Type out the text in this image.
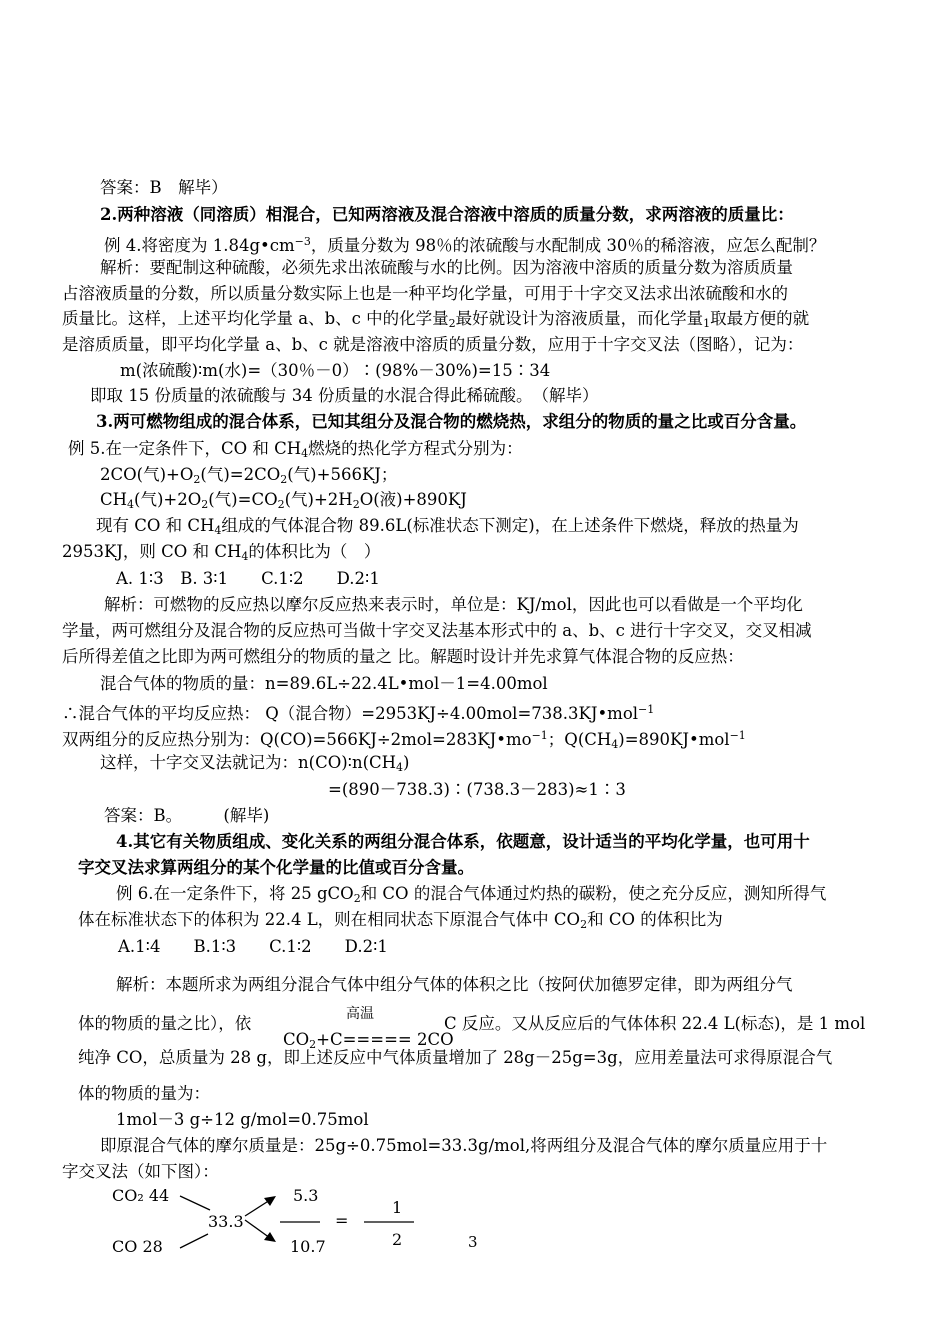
答案：B　解毕）
2.两种溶液（同溶质）相混合，已知两溶液及混合溶液中溶质的质量分数，求两溶液的质量比：
例 4.将密度为 $1.84g•cm^{-3}$，质量分数为 98％的浓硫酸与水配制成 30％的稀溶液，应怎么配制？
解析：要配制这种硫酸，必须先求出浓硫酸与水的比例。因为溶液中溶质的质量分数为溶质质量
占溶液质量的分数，所以质量分数实际上也是一种平均化学量，可用于十字交叉法求出浓硫酸和水的
质量比。这样，上述平均化学量 a、b、c 中的化学量$_2$最好就设计为溶液质量，而化学量$_1$取最方便的就
是溶质质量，即平均化学量 a、b、c 就是溶液中溶质的质量分数，应用于十字交叉法（图略），记为：
m(浓硫酸)∶m(水)=（30％－0）∶(98%－30%)=15∶34
即取 15 份质量的浓硫酸与 34 份质量的水混合得此稀硫酸。　（解毕）
3.两可燃物组成的混合体系，已知其组分及混合物的燃烧热，求组分的物质的量之比或百分含量。
例 5.在一定条件下，CO 和 $CH_4$燃烧的热化学方程式分别为：
2CO(气)$+O_2$(气)$=2CO_2$(气)+566KJ；
$CH_4$(气)$+2O_2$(气)$=CO_2$(气)$+2H_2O$(液)+890KJ
现有 CO 和 $CH_4$组成的气体混合物 89.6L(标准状态下测定)，在上述条件下燃烧，释放的热量为
2953KJ，则 CO 和 $CH_4$的体积比为（　）
A. 1∶3　B. 3∶1　　C.1∶2　　D.2∶1
解析：可燃物的反应热以摩尔反应热来表示时，单位是：KJ/mol，因此也可以看做是一个平均化
学量，两可燃组分及混合物的反应热可当做十字交叉法基本形式中的 a、b、c 进行十字交叉，交叉相减
后所得差值之比即为两可燃组分的物质的量之 比。解题时设计并先求算气体混合物的反应热：
混合气体的物质的量：n=89.6L÷22.4L•mol－1=4.00mol
∴混合气体的平均反应热： Q（混合物）=2953KJ÷4.00mol=738.3KJ•mol$^{-1}$
双两组分的反应热分别为：$Q(CO)=566KJ\div 2mol=283KJ•mo^{-1}$；$Q(CH_4)=890KJ•mol^{-1}$
这样，十字交叉法就记为：$n(CO)∶n(CH_4)$
=(890－738.3)∶(738.3－283)≈1∶3
答案：B。　　　(解毕)
4.其它有关物质组成、变化关系的两组分混合体系，依题意，设计适当的平均化学量，也可用十
字交叉法求算两组分的某个化学量的比值或百分含量。
例 6.在一定条件下，将 25 gCO$_2$和 CO 的混合气体通过灼热的碳粉，使之充分反应，测知所得气
体在标准状态下的体积为 22.4 L，则在相同状态下原混合气体中 $CO_2$和 CO 的体积比为
A.1∶4　　B.1∶3　　C.1∶2　　D.2∶1
解析：本题所求为两组分混合气体中组分气体的体积之比（按阿伏加德罗定律，即为两组分气
高温
体的物质的量之比），依
$CO_2+C===== 2CO$
C 反应。又从反应后的气体体积 22.4 L(标态)，是 1 mol
纯净 CO，总质量为 28 g，即上述反应中气体质量增加了 28g－25g=3g，应用差量法可求得原混合气
体的物质的量为：
1mol－3 g÷12 g/mol=0.75mol
即原混合气体的摩尔质量是：25g÷0.75mol=33.3g/mol,将两组分及混合气体的摩尔质量应用于十
字交叉法（如下图）：
CO₂ 44
CO 28
33.3
5.3
10.7
=
1
2	3
